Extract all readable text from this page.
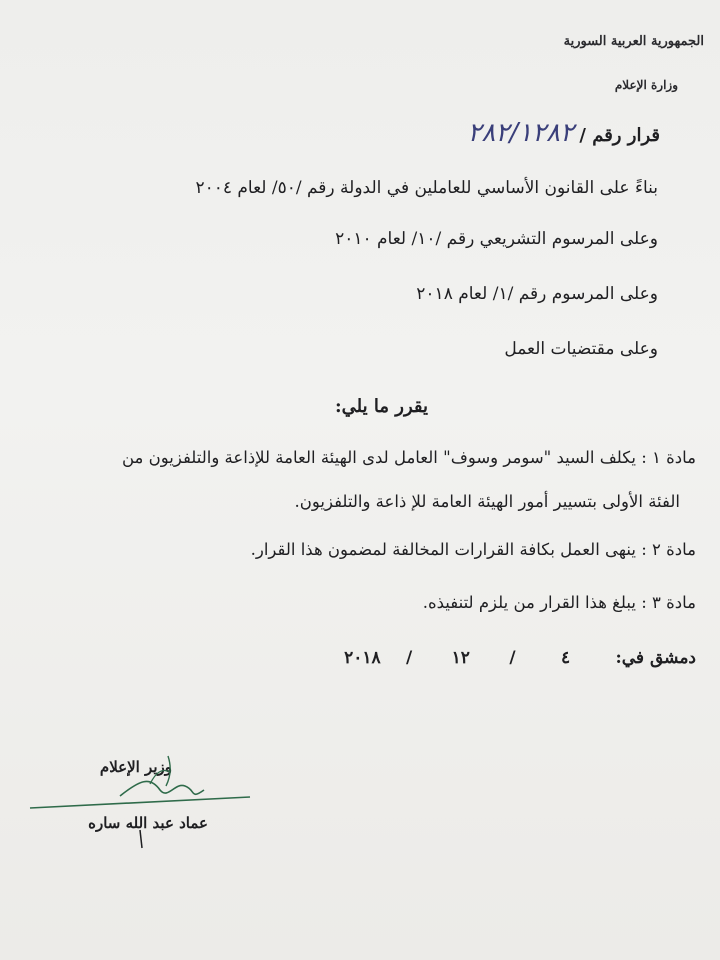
الجمهورية العربية السورية
وزارة الإعلام
قرار رقم / ٢٨٢/١٢٨٢
بناءً على القانون الأساسي للعاملين في الدولة رقم /٥٠/ لعام ٢٠٠٤
وعلى المرسوم التشريعي رقم /١٠/ لعام ٢٠١٠
وعلى المرسوم رقم /١/ لعام ٢٠١٨
وعلى مقتضيات العمل
يقرر ما يلي:
مادة ١ : يكلف السيد "سومر وسوف" العامل لدى الهيئة العامة للإذاعة والتلفزيون من
الفئة الأولى بتسيير أمور الهيئة العامة للإ ذاعة والتلفزيون.
مادة ٢ : ينهى العمل بكافة القرارات المخالفة لمضمون هذا القرار.
مادة ٣ : يبلغ هذا القرار من يلزم لتنفيذه.
دمشق في: ٤ / ١٢ / ٢٠١٨
وزير الإعلام
عماد عبد الله ساره
